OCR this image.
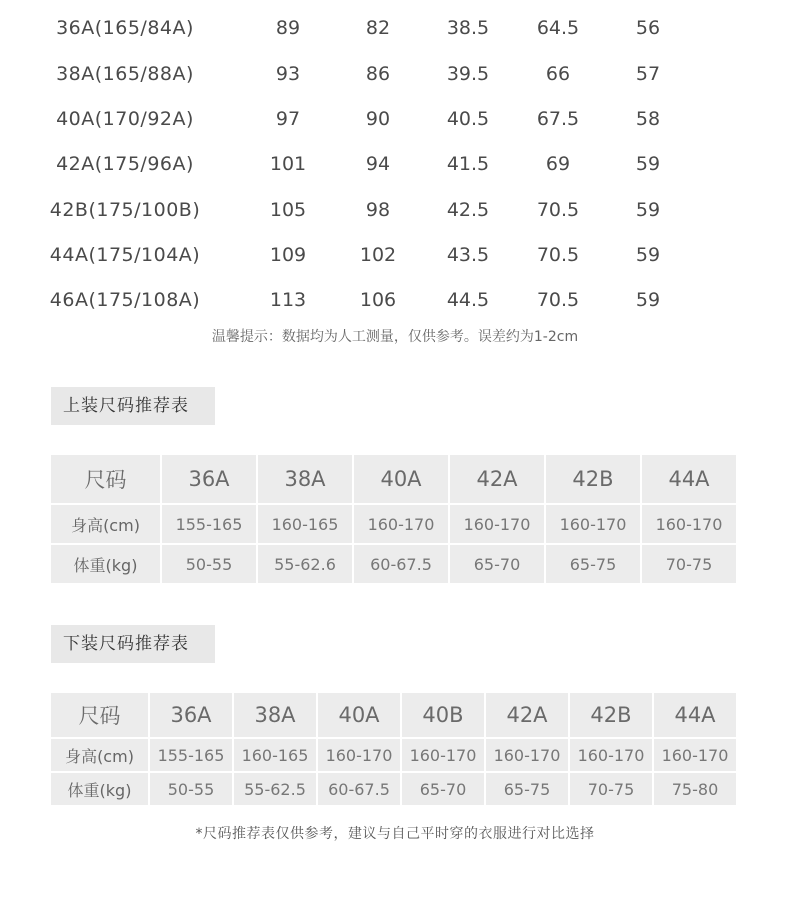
36A(165/84A)	89	82	38.5	64.5	56
38A(165/88A)	93	86	39.5	66	57
40A(170/92A)	97	90	40.5	67.5	58
42A(175/96A)	101	94	41.5	69	59
42B(175/100B)	105	98	42.5	70.5	59
44A(175/104A)	109	102	43.5	70.5	59
46A(175/108A)	113	106	44.5	70.5	59
温馨提示：数据均为人工测量，仅供参考。误差约为1-2cm
上装尺码推荐表
尺码	36A	38A	40A	42A	42B	44A
身高(cm)	155-165	160-165	160-170	160-170	160-170	160-170
体重(kg)	50-55	55-62.6	60-67.5	65-70	65-75	70-75
下装尺码推荐表
尺码	36A	38A	40A	40B	42A	42B	44A
身高(cm)	155-165	160-165	160-170	160-170	160-170	160-170	160-170
体重(kg)	50-55	55-62.5	60-67.5	65-70	65-75	70-75	75-80
*尺码推荐表仅供参考，建议与自己平时穿的衣服进行对比选择
